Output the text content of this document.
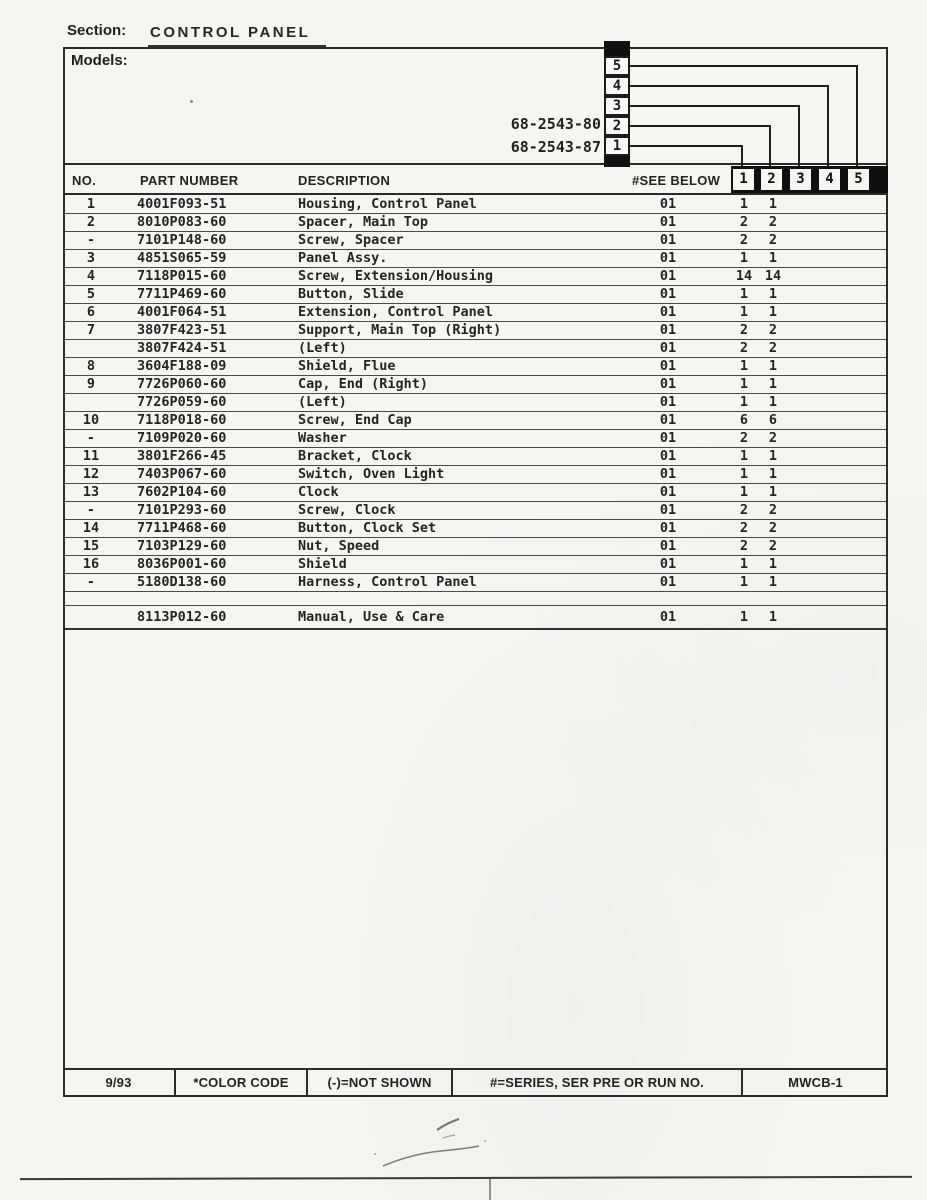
Section: CONTROL PANEL
Models:
68-2543-80
68-2543-87
5
4
3
2
1
NO.	PART NUMBER	DESCRIPTION	#SEE BELOW	1	2	3	4	5
1	4001F093-51	Housing, Control Panel	01	1	1
2	8010P083-60	Spacer, Main Top	01	2	2
-	7101P148-60	Screw, Spacer	01	2	2
3	4851S065-59	Panel Assy.	01	1	1
4	7118P015-60	Screw, Extension/Housing	01	14 14
5	7711P469-60	Button, Slide	01	1	1
6	4001F064-51	Extension, Control Panel	01	1	1
7	3807F423-51	Support, Main Top (Right)	01	2	2
3807F424-51	(Left)	01	2	2
8	3604F188-09	Shield, Flue	01	1	1
9	7726P060-60	Cap, End (Right)	01	1	1
7726P059-60	(Left)	01	1	1
10	7118P018-60	Screw, End Cap	01	6	6
-	7109P020-60	Washer	01	2	2
11	3801F266-45	Bracket, Clock	01	1	1
12	7403P067-60	Switch, Oven Light	01	1	1
13	7602P104-60	Clock	01	1	1
-	7101P293-60	Screw, Clock	01	2	2
14	7711P468-60	Button, Clock Set	01	2	2
15	7103P129-60	Nut, Speed	01	2	2
16	8036P001-60	Shield	01	1	1
-	5180D138-60	Harness, Control Panel	01	1	1
8113P012-60	Manual, Use & Care	01	1	1
9/93	*COLOR CODE	(-)=NOT SHOWN	#=SERIES, SER PRE OR RUN NO.	MWCB-1
